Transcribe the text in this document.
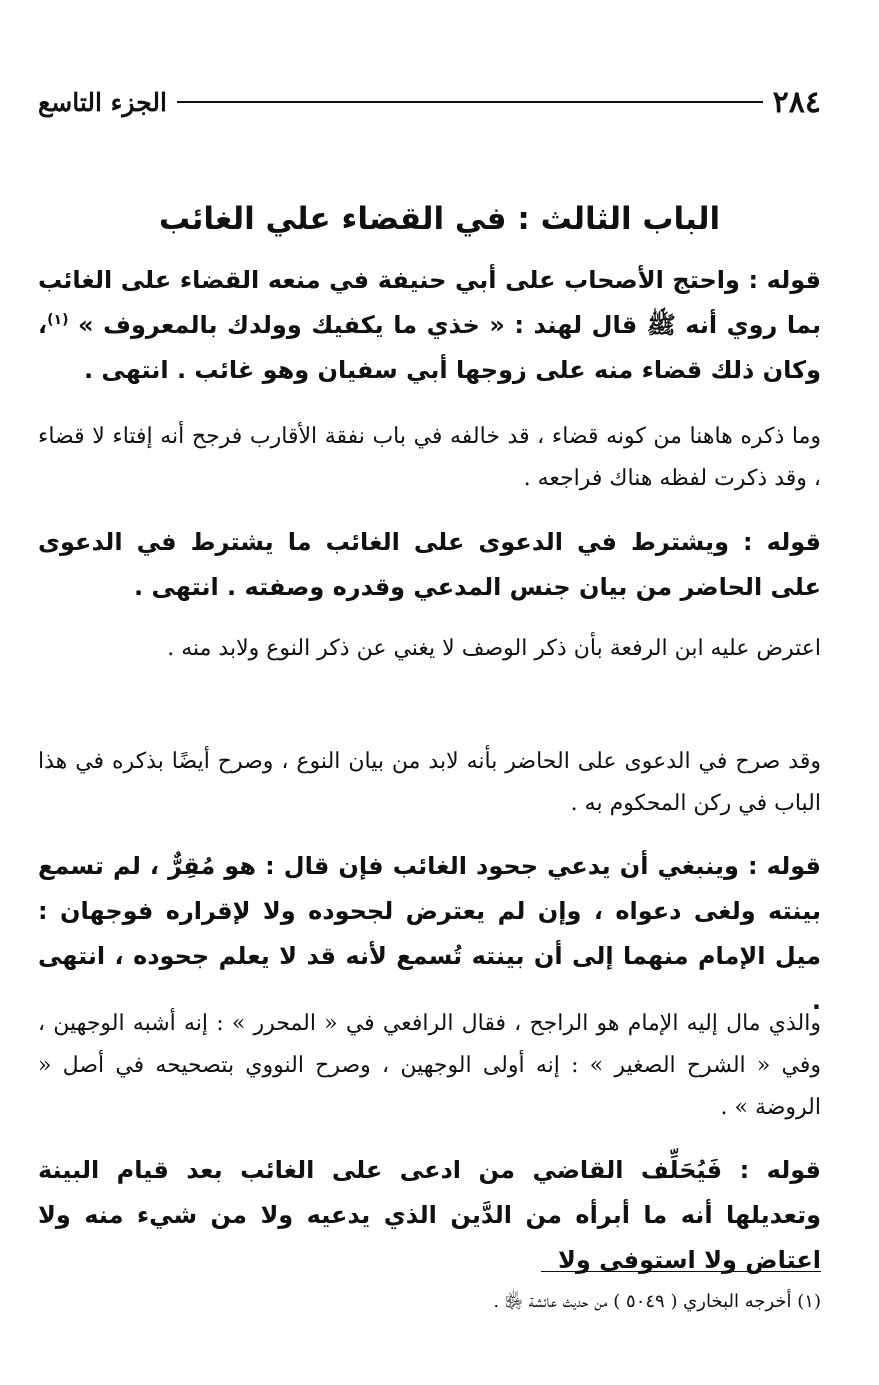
٢٨٤
الجزء التاسع
الباب الثالث : في القضاء علي الغائب

قوله : واحتج الأصحاب على أبي حنيفة في منعه القضاء على الغائب بما روي أنه ﷺ قال لهند : « خذي ما يكفيك وولدك بالمعروف » $^{(١)}$، وكان ذلك قضاء منه على زوجها أبي سفيان وهو غائب . انتهى .

وما ذكره هاهنا من كونه قضاء ، قد خالفه في باب نفقة الأقارب فرجح أنه إفتاء لا قضاء ، وقد ذكرت لفظه هناك فراجعه .

قوله : ويشترط في الدعوى على الغائب ما يشترط في الدعوى على الحاضر من بيان جنس المدعي وقدره وصفته . انتهى .

اعترض عليه ابن الرفعة بأن ذكر الوصف لا يغني عن ذكر النوع ولابد منه .

وقد صرح في الدعوى على الحاضر بأنه لابد من بيان النوع ، وصرح أيضًا بذكره في هذا الباب في ركن المحكوم به .

قوله : وينبغي أن يدعي جحود الغائب فإن قال : هو مُقِرٌّ ، لم تسمع بينته ولغى دعواه ، وإن لم يعترض لجحوده ولا لإقراره فوجهان : ميل الإمام منهما إلى أن بينته تُسمع لأنه قد لا يعلم جحوده ، انتهى .

والذي مال إليه الإمام هو الراجح ، فقال الرافعي في « المحرر » : إنه أشبه الوجهين ، وفي « الشرح الصغير » : إنه أولى الوجهين ، وصرح النووي بتصحيحه في أصل « الروضة » .

قوله : فَيُحَلِّف القاضي من ادعى على الغائب بعد قيام البينة وتعديلها أنه ما أبرأه من الدَّين الذي يدعيه ولا من شيء منه ولا اعتاض ولا استوفى ولا

(١) أخرجه البخاري ( ٥٠٤٩ ) من حديث عائشة ﵂ .
